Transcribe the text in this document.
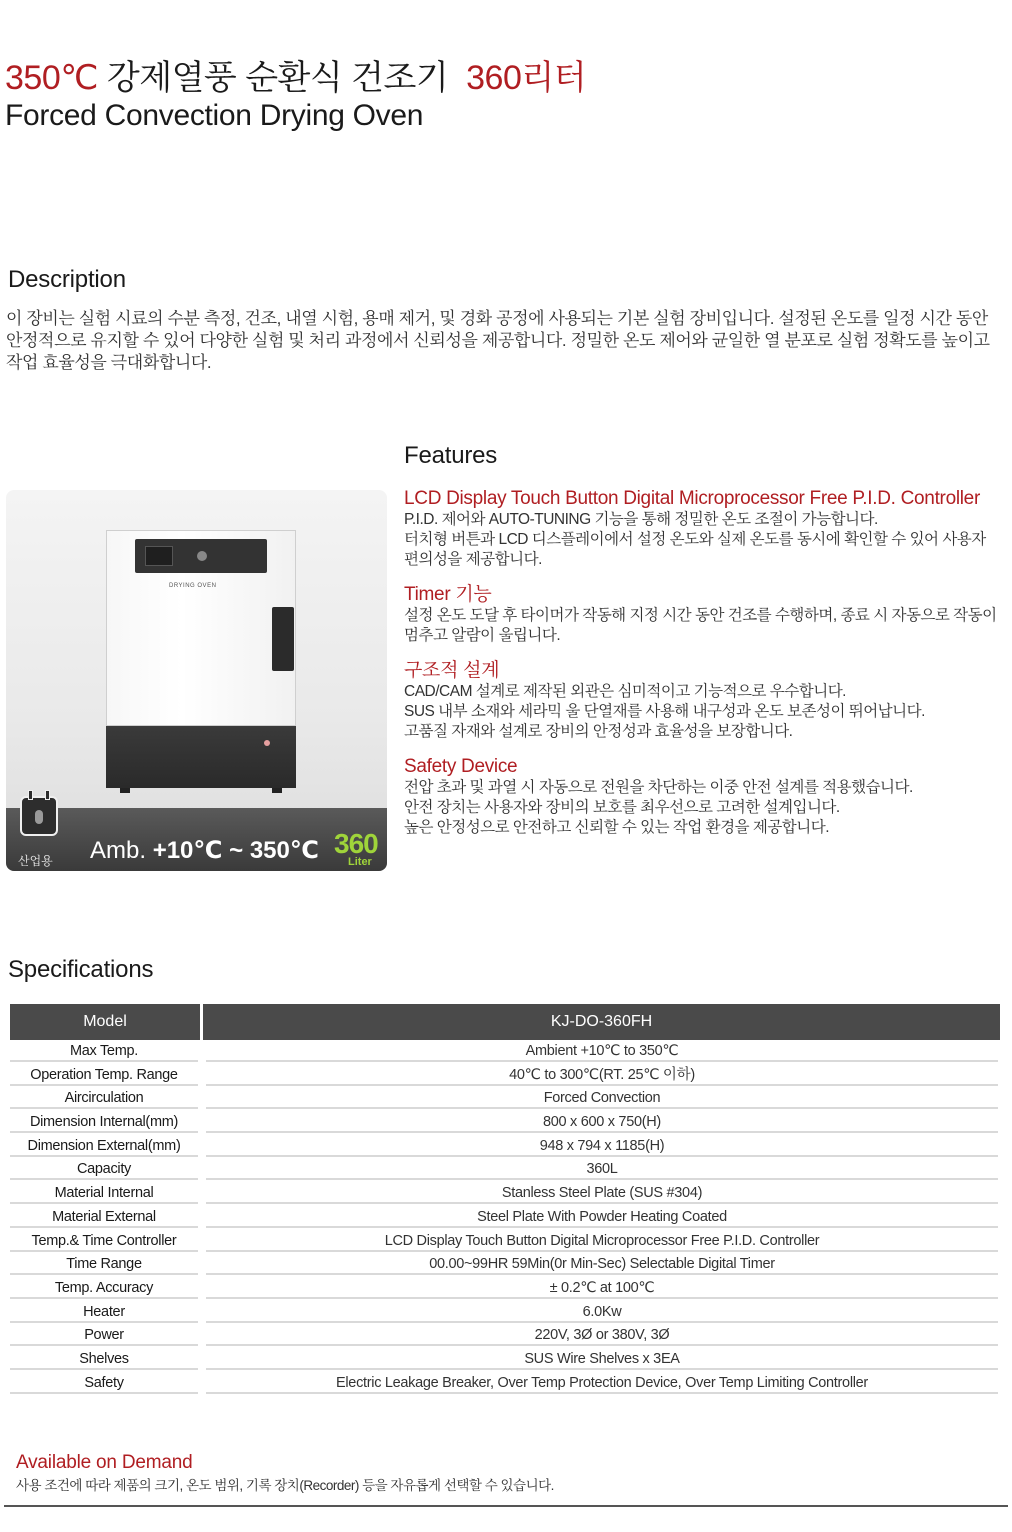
350℃ 강제열풍 순환식 건조기 360리터
Forced Convection Drying Oven
Description
이 장비는 실험 시료의 수분 측정, 건조, 내열 시험, 용매 제거, 및 경화 공정에 사용되는 기본 실험 장비입니다. 설정된 온도를 일정 시간 동안 안정적으로 유지할 수 있어 다양한 실험 및 처리 과정에서 신뢰성을 제공합니다. 정밀한 온도 제어와 균일한 열 분포로 실험 정확도를 높이고 작업 효율성을 극대화합니다.
DRYING OVEN
산업용 Amb. +10℃ ~ 350℃ 360
Liter
Features
LCD Display Touch Button Digital Microprocessor Free P.I.D. Controller
P.I.D. 제어와 AUTO-TUNING 기능을 통해 정밀한 온도 조절이 가능합니다.
터치형 버튼과 LCD 디스플레이에서 설정 온도와 실제 온도를 동시에 확인할 수 있어 사용자 편의성을 제공합니다.
Timer 기능
설정 온도 도달 후 타이머가 작동해 지정 시간 동안 건조를 수행하며, 종료 시 자동으로 작동이 멈추고 알람이 울립니다.
구조적 설계
CAD/CAM 설계로 제작된 외관은 심미적이고 기능적으로 우수합니다.
SUS 내부 소재와 세라믹 울 단열재를 사용해 내구성과 온도 보존성이 뛰어납니다.
고품질 자재와 설계로 장비의 안정성과 효율성을 보장합니다.
Safety Device
전압 초과 및 과열 시 자동으로 전원을 차단하는 이중 안전 설계를 적용했습니다.
안전 장치는 사용자와 장비의 보호를 최우선으로 고려한 설계입니다.
높은 안정성으로 안전하고 신뢰할 수 있는 작업 환경을 제공합니다.
Specifications
Model	KJ-DO-360FH
Max Temp.	Ambient +10℃ to 350℃
Operation Temp. Range	40℃ to 300℃(RT. 25℃ 이하)
Aircirculation	Forced Convection
Dimension Internal(mm)	800 x 600 x 750(H)
Dimension External(mm)	948 x 794 x 1185(H)
Capacity	360L
Material Internal	Stanless Steel Plate (SUS #304)
Material External	Steel Plate With Powder Heating Coated
Temp.& Time Controller	LCD Display Touch Button Digital Microprocessor Free P.I.D. Controller
Time Range	00.00~99HR 59Min(0r Min-Sec) Selectable Digital Timer
Temp. Accuracy	± 0.2℃ at 100℃
Heater	6.0Kw
Power	220V, 3Ø or 380V, 3Ø
Shelves	SUS Wire Shelves x 3EA
Safety	Electric Leakage Breaker, Over Temp Protection Device, Over Temp Limiting Controller
Available on Demand
사용 조건에 따라 제품의 크기, 온도 범위, 기록 장치(Recorder) 등을 자유롭게 선택할 수 있습니다.
